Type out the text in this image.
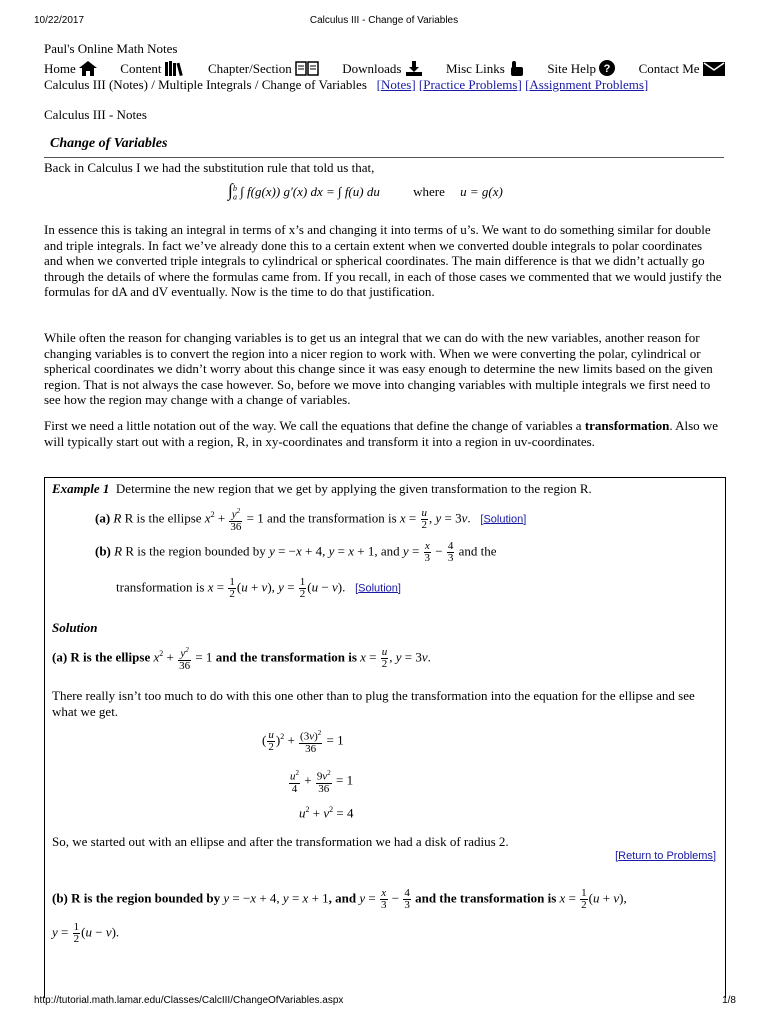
10/22/2017	Calculus III - Change of Variables
Paul's Online Math Notes
Home	Content	Chapter/Section	Downloads	Misc Links	Site Help ? Contact Me
Calculus III (Notes) / Multiple Integrals / Change of Variables [Notes] [Practice Problems] [Assignment Problems]
Calculus III - Notes
Change of Variables
Back in Calculus I we had the substitution rule that told us that,
$\int_a^b$ ∫ f(g(x)) g′(x) dx = ∫ f(u) du	where u = g(x)
In essence this is taking an integral in terms of x’s and changing it into terms of u’s. We want to do something similar for double and triple integrals. In fact we’ve already done this to a certain extent when we converted double integrals to polar coordinates and when we converted triple integrals to cylindrical or spherical coordinates. The main difference is that we didn’t actually go through the details of where the formulas came from. If you recall, in each of those cases we commented that we would justify the formulas for dA and dV eventually. Now is the time to do that justification.
While often the reason for changing variables is to get us an integral that we can do with the new variables, another reason for changing variables is to convert the region into a nicer region to work with. When we were converting the polar, cylindrical or spherical coordinates we didn’t worry about this change since it was easy enough to determine the new limits based on the given region. That is not always the case however. So, before we move into changing variables with multiple integrals we first need to see how the region may change with a change of variables.
First we need a little notation out of the way. We call the equations that define the change of variables a transformation. Also we will typically start out with a region, R, in xy-coordinates and transform it into a region in uv-coordinates.
Example 1 Determine the new region that we get by applying the given transformation to the region R.
(a) R R is the ellipse $x^2 + \frac{y^2}{36} = 1$ and the transformation is $x = \frac{u}{2}$ , y = 3v.   [Solution]
(b) R R is the region bounded by y = −x + 4, y = x + 1, and $y = \frac{x}{3} - \frac{4}{3}$ and the
transformation is $x = \frac{1}{2} (u + v)$, $y = \frac{1}{2} (u - v)$.   [Solution]
Solution
(a) R is the ellipse $x^2 + \frac{y^2}{36} = 1$ and the transformation is $x = \frac{u}{2}$ , y = 3v.
There really isn’t too much to do with this one other than to plug the transformation into the equation for the ellipse and see what we get.
( $\frac{u}{2} )^2 + \frac{(3v)^2}{36} = 1$
$\frac{u^2}{4} + \frac{9v^2}{36} = 1$
$u^2 + v^2 = 4$
So, we started out with an ellipse and after the transformation we had a disk of radius 2.
[Return to Problems]
(b) R is the region bounded by y = −x + 4, y = x + 1, and $y = \frac{x}{3} - \frac{4}{3}$ and the transformation is $x = \frac{1}{2} (u + v)$,
$y = \frac{1}{2} (u - v)$.
http://tutorial.math.lamar.edu/Classes/CalcIII/ChangeOfVariables.aspx	1/8
